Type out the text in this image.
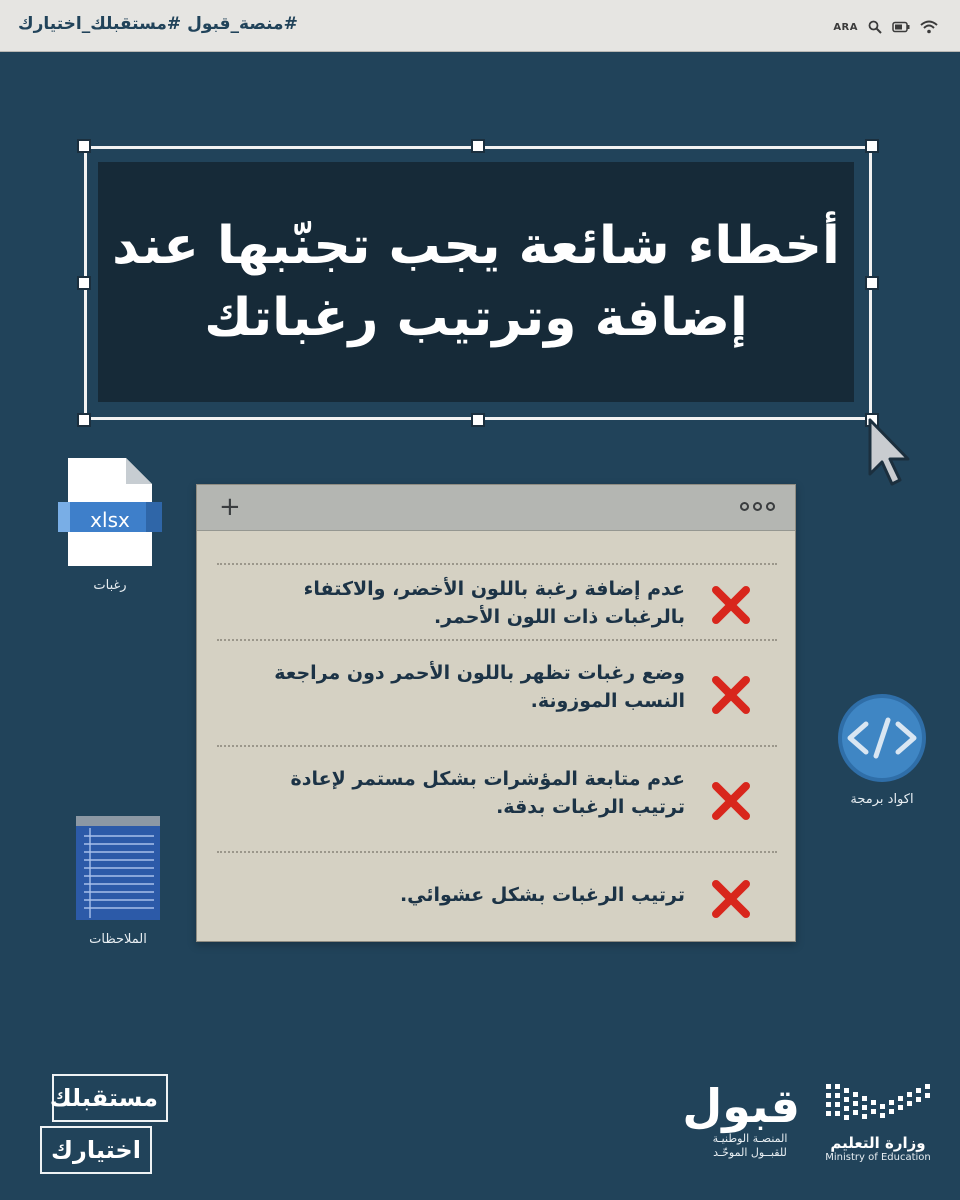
#منصة_قبول #مستقبلك_اختيارك	ARA
أخطاء شائعة يجب تجنّبها عند
إضافة وترتيب رغباتك
xlsx
رغبات
اكواد برمجة
الملاحظات
+
عدم إضافة رغبة باللون الأخضر، والاكتفاء بالرغبات ذات اللون الأحمر.
وضع رغبات تظهر باللون الأحمر دون مراجعة النسب الموزونة.
عدم متابعة المؤشرات بشكل مستمر لإعادة ترتيب الرغبات بدقة.
ترتيب الرغبات بشكل عشوائي.
مستقبلك
اختيارك
قبول
المنصـة الوطنيـة
للقبــول الموحّـد
وزارة التعليم
Ministry of Education
